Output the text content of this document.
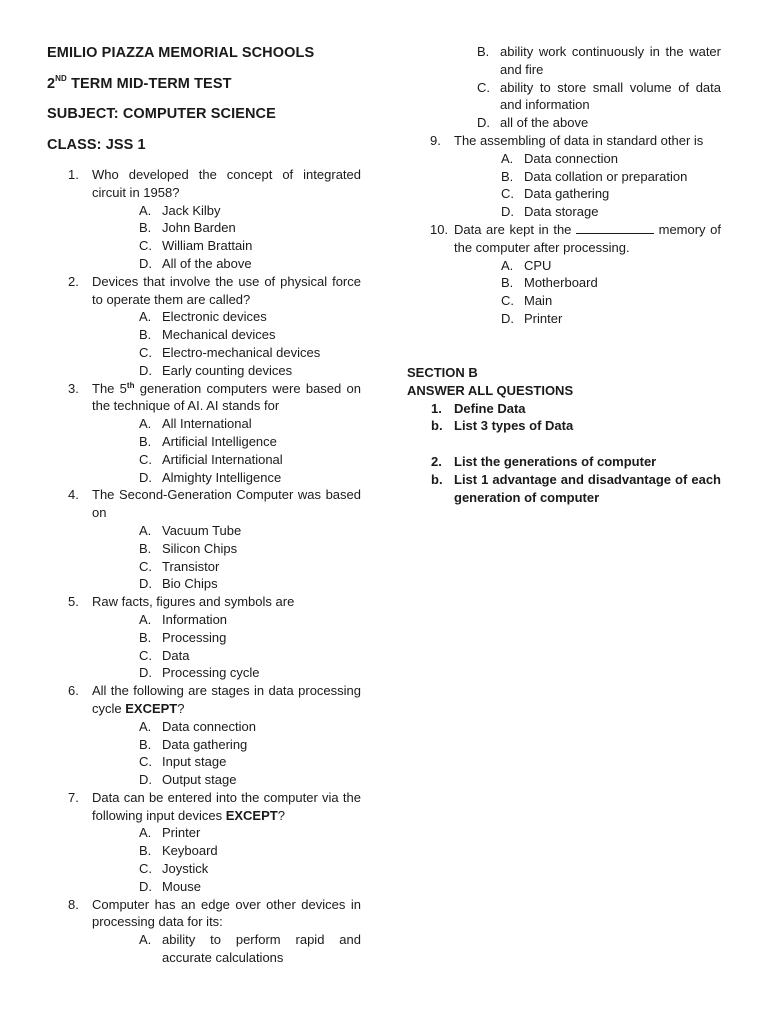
EMILIO PIAZZA MEMORIAL SCHOOLS
2ND TERM MID-TERM TEST
SUBJECT: COMPUTER SCIENCE
CLASS: JSS 1
1. Who developed the concept of integrated circuit in 1958?
A. Jack Kilby
B. John Barden
C. William Brattain
D. All of the above
2. Devices that involve the use of physical force to operate them are called?
A. Electronic devices
B. Mechanical devices
C. Electro-mechanical devices
D. Early counting devices
3. The 5th generation computers were based on the technique of AI. AI stands for
A. All International
B. Artificial Intelligence
C. Artificial International
D. Almighty Intelligence
4. The Second-Generation Computer was based on
A. Vacuum Tube
B. Silicon Chips
C. Transistor
D. Bio Chips
5. Raw facts, figures and symbols are
A. Information
B. Processing
C. Data
D. Processing cycle
6. All the following are stages in data processing cycle EXCEPT?
A. Data connection
B. Data gathering
C. Input stage
D. Output stage
7. Data can be entered into the computer via the following input devices EXCEPT?
A. Printer
B. Keyboard
C. Joystick
D. Mouse
8. Computer has an edge over other devices in processing data for its:
A. ability to perform rapid and accurate calculations
B. ability work continuously in the water and fire
C. ability to store small volume of data and information
D. all of the above
9. The assembling of data in standard other is
A. Data connection
B. Data collation or preparation
C. Data gathering
D. Data storage
10. Data are kept in the	memory of the computer after processing.
A. CPU
B. Motherboard
C. Main
D. Printer
SECTION B
ANSWER ALL QUESTIONS
1. Define Data
b. List 3 types of Data
2. List the generations of computer
b. List 1 advantage and disadvantage of each generation of computer
